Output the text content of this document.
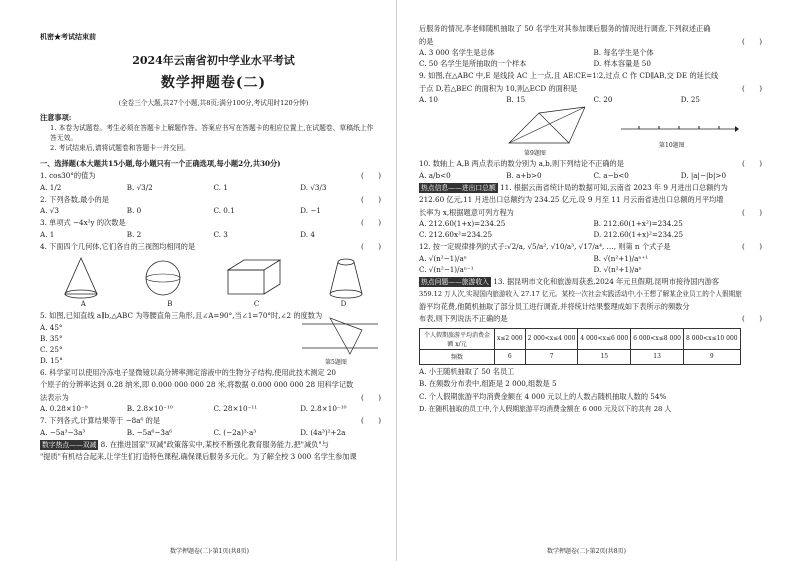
机密★考试结束前
2024年云南省初中学业水平考试
数学押题卷(二)
(全卷三个大题,共27个小题,共8页;满分100分,考试用时120分钟)
注意事项:
1. 本卷为试题卷。考生必须在答题卡上解题作答。答案应书写在答题卡的相应位置上,在试题卷、草稿纸上作答无效。
2. 考试结束后,请将试题卷和答题卡一并交回。
一、选择题(本大题共15小题,每小题只有一个正确选项,每小题2分,共30分)
1. cos30°的值为	(　　)
A. 1/2	B. √3/2	C. 1	D. √3/3
2. 下列各数,最小的是	(　　)
A. √3	B. 0	C. 0.1	D. −1
3. 单项式 −4x²y 的次数是	(　　)
A. 1	B. 2	C. 3	D. 4
4. 下面四个几何体,它们各自的三视图均相同的是	(　　)
A	B	C	D
5. 如图,已知直线 a∥b,△ABC 为等腰直角三角形,且∠A=90°,当∠1=70°时,∠2 的度数为
A. 45°
B. 35°
C. 25°
D. 15°	第5题图
6. 科学家可以使用冷冻电子显微镜以高分辨率测定溶液中的生物分子结构,使用此技术测定 20
个原子的分辨率达到 0.28 纳米,即 0.000 000 000 28 米,将数据 0.000 000 000 28 用科学记数
法表示为	(　　)
A. 0.28×10⁻⁹	B. 2.8×10⁻¹⁰	C. 28×10⁻¹¹	D. 2.8×10⁻¹⁰
7. 下列各式,计算结果等于 −8a⁶ 的是	(　　)
A. −5a³−3a³	B. −5a⁶−3a⁶	C. (−2a)³·a³	D. (4a³)²+2a
数字热点——双减 8. 在推进国家"双减"政策落实中,某校不断强化教育服务能力,把"减负"与
"提质"有机结合起来,让学生们打造特色课程,确保课后服务多元化。为了解全校 3 000 名学生参加课
数学押题卷(二)·第1页(共8页)
后服务的情况,李老师随机抽取了 50 名学生对其参加课后服务的情况进行调查,下列叙述正确
的是	(　　)
A. 3 000 名学生是总体	B. 每名学生是个体
C. 50 名学生是所抽取的一个样本	D. 样本容量是 50
9. 如图,在△ABC 中,E 是线段 AC 上一点,且 AE∶CE=1∶2,过点 C 作 CD∥AB,交 DE 的延长线
于点 D,若△BEC 的面积为 10,则△ECD 的面积是	(　　)
A. 10	B. 15	C. 20	D. 25
第9题图
第10题图
10. 数轴上 A,B 两点表示的数分别为 a,b,则下列结论不正确的是	(　　)
A. a/b<0	B. a+b>0	C. a−b<0	D. |a|−|b|>0
热点信息——进出口总额 11. 根据云南省统计局的数据可知,云南省 2023 年 9 月进出口总额约为
212.60 亿元,11 月进出口总额约为 234.25 亿元,设 9 月至 11 月云南省进出口总额的月平均增
长率为 x,根据题意可列方程为	(　　)
A. 212.60(1+x)=234.25	B. 212.60(1+x²)=234.25
C. 212.60x²=234.25	D. 212.60(1+x)²=234.25
12. 按一定规律排列的式子:√2/a, √5/a², √10/a³, √17/a⁴, …, 则第 n 个式子是	(　　)
A. √(n²−1)/aⁿ	B. √(n²+1)/aⁿ⁺¹
C. √(n²−1)/aⁿ⁻¹	D. √(n²+1)/aⁿ
热点问题——旅游收入 13. 据昆明市文化和旅游局获悉,2024 年元旦假期,昆明市接待国内游客
359.12 万人次,实现国内旅游收入 27.17 亿元。某校一次社会实践活动中,小王想了解某企业员工的个人假期旅
游平均花费,他随机抽取了部分员工进行调查,并将统计结果整理成如下表所示的频数分
布表,则下列说法不正确的是	(　　)
个人假期旅游平均消费金额 x/元	x≤2 000	2 000<x≤4 000	4 000<x≤6 000	6 000<x≤8 000	8 000<x≤10 000
频数	6	7	15	13	9
A. 小王随机抽取了 50 名员工
B. 在频数分布表中,组距是 2 000,组数是 5
C. 个人假期旅游平均消费金额在 4 000 元以上的人数占随机抽取人数的 54%
D. 在随机抽取的员工中,个人假期旅游平均消费金额在 6 000 元及以下的共有 28 人
数学押题卷(二)·第2页(共8页)
